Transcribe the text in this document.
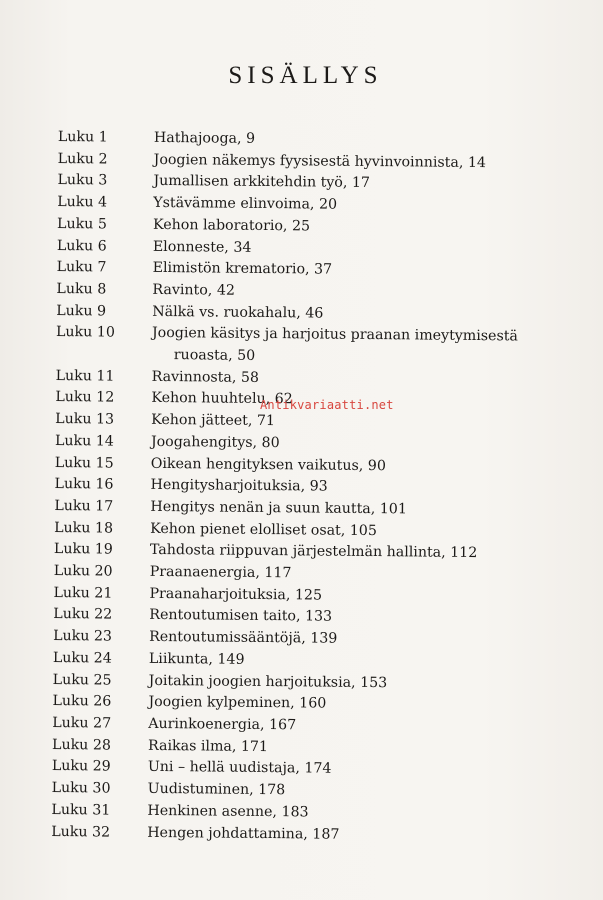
SISÄLLYS
Luku 1	Hathajooga, 9
Luku 2	Joogien näkemys fyysisestä hyvinvoinnista, 14
Luku 3	Jumallisen arkkitehdin työ, 17
Luku 4	Ystävämme elinvoima, 20
Luku 5	Kehon laboratorio, 25
Luku 6	Elonneste, 34
Luku 7	Elimistön krematorio, 37
Luku 8	Ravinto, 42
Luku 9	Nälkä vs. ruokahalu, 46
Luku 10	Joogien käsitys ja harjoitus praanan imeytymisestä
ruoasta, 50
Luku 11	Ravinnosta, 58
Luku 12	Kehon huuhtelu, 62
Luku 13	Kehon jätteet, 71
Luku 14	Joogahengitys, 80
Luku 15	Oikean hengityksen vaikutus, 90
Luku 16	Hengitysharjoituksia, 93
Luku 17	Hengitys nenän ja suun kautta, 101
Luku 18	Kehon pienet elolliset osat, 105
Luku 19	Tahdosta riippuvan järjestelmän hallinta, 112
Luku 20	Praanaenergia, 117
Luku 21	Praanaharjoituksia, 125
Luku 22	Rentoutumisen taito, 133
Luku 23	Rentoutumissääntöjä, 139
Luku 24	Liikunta, 149
Luku 25	Joitakin joogien harjoituksia, 153
Luku 26	Joogien kylpeminen, 160
Luku 27	Aurinkoenergia, 167
Luku 28	Raikas ilma, 171
Luku 29	Uni – hellä uudistaja, 174
Luku 30	Uudistuminen, 178
Luku 31	Henkinen asenne, 183
Luku 32	Hengen johdattamina, 187
Antikvariaatti.net
